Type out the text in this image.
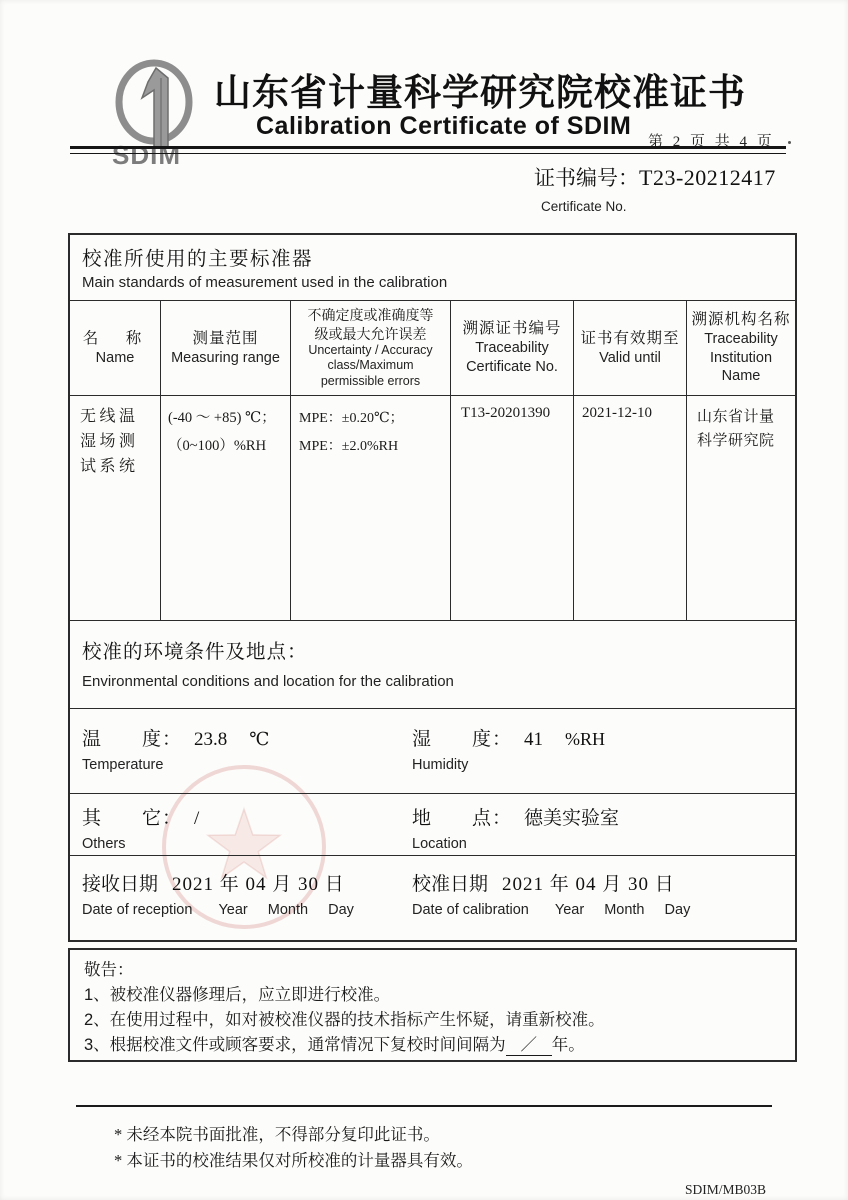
SDIM
山东省计量科学研究院校准证书
Calibration Certificate of SDIM
第 2 页 共 4 页
证书编号：T23-20212417
Certificate No.
校准所使用的主要标准器
Main standards of measurement used in the calibration
名　称
Name
测量范围
Measuring range
不确定度或准确度等
级或最大允许误差
Uncertainty / Accuracy
class/Maximum
permissible errors
溯源证书编号
Traceability
Certificate No.
证书有效期至
Valid until
溯源机构名称
Traceability
Institution
Name
无线温湿场测试系统
(-40 ～ +85) ℃；
（0~100）%RH
MPE：±0.20℃；
MPE：±2.0%RH
T13-20201390	2021-12-10	山东省计量科学研究院
校准的环境条件及地点：
Environmental conditions and location for the calibration
温　　度： 23.8 ℃
Temperature
湿　　度： 41 %RH
Humidity
其　　它： /
Others
地　　点： 德美实验室
Location
接收日期 2021 年 04 月 30 日
Date of reception Year Month Day
校准日期 2021 年 04 月 30 日
Date of calibration Year Month Day
敬告：
1、被校准仪器修理后，应立即进行校准。
2、在使用过程中，如对被校准仪器的技术指标产生怀疑，请重新校准。
3、根据校准文件或顾客要求，通常情况下复校时间间隔为 ／ 年。
* 未经本院书面批准，不得部分复印此证书。
* 本证书的校准结果仅对所校准的计量器具有效。
SDIM/MB03B
